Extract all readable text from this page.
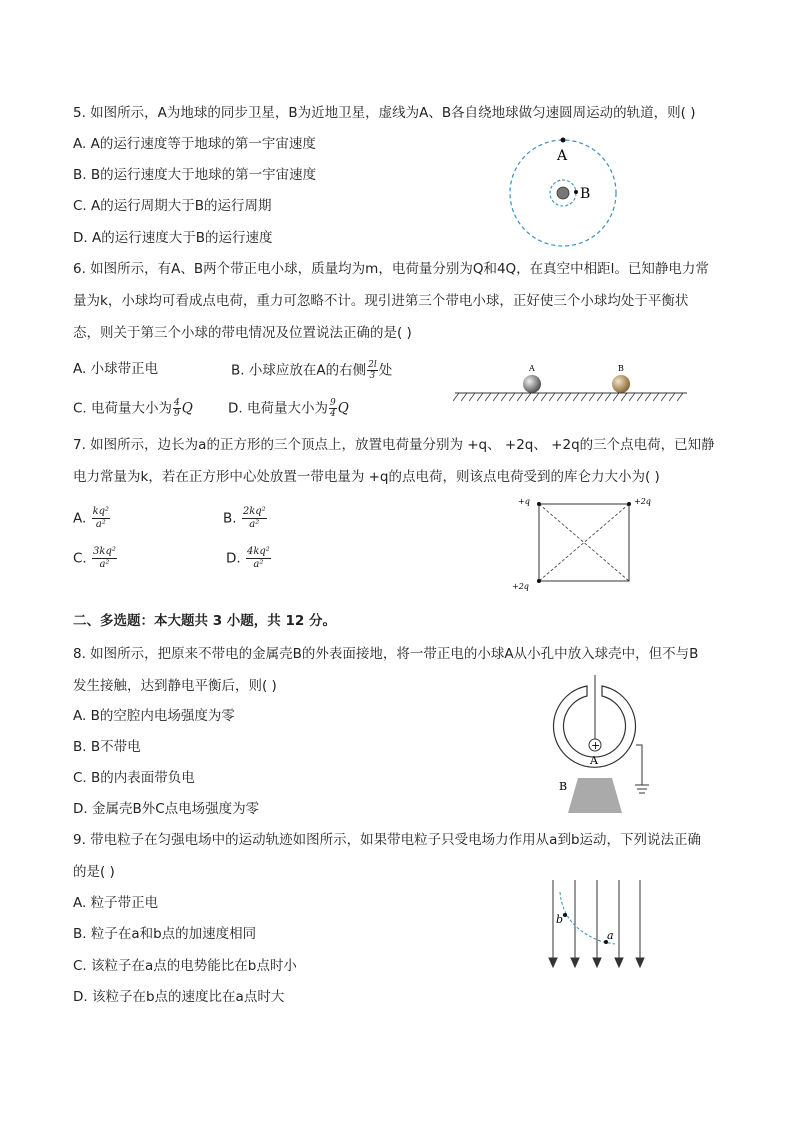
5. 如图所示，A为地球的同步卫星，B为近地卫星，虚线为A、B各自绕地球做匀速圆周运动的轨道，则( )
A. A的运行速度等于地球的第一宇宙速度
B. B的运行速度大于地球的第一宇宙速度
C. A的运行周期大于B的运行周期
D. A的运行速度大于B的运行速度
A
B
6. 如图所示，有A、B两个带正电小球，质量均为m，电荷量分别为Q和4Q，在真空中相距l。已知静电力常
量为k，小球均可看成点电荷，重力可忽略不计。现引进第三个带电小球，正好使三个小球均处于平衡状
态，则关于第三个小球的带电情况及位置说法正确的是( )
A. 小球带正电	B. 小球应放在A的右侧 $\frac{2l}{3}$ 处
C. 电荷量大小为 $\frac{4}{9}$ Q	D. 电荷量大小为 $\frac{9}{4}$ Q
A	B
7. 如图所示，边长为a的正方形的三个顶点上，放置电荷量分别为 +q、 +2q、 +2q的三个点电荷，已知静
电力常量为k，若在正方形中心处放置一带电量为 +q的点电荷，则该点电荷受到的库仑力大小为( )
A. $\frac{\text{kq²}}{\text{a²}}$	B. $\frac{\text{2kq²}}{\text{a²}}$
C. $\frac{\text{3kq²}}{\text{a²}}$	D. $\frac{\text{4kq²}}{\text{a²}}$
+q	+2q
+2q
二、多选题：本大题共 3 小题，共 12 分。
8. 如图所示，把原来不带电的金属壳B的外表面接地，将一带正电的小球A从小孔中放入球壳中，但不与B
发生接触，达到静电平衡后，则( )
A. B的空腔内电场强度为零
B. B不带电
C. B的内表面带负电
D. 金属壳B外C点电场强度为零
+
A
B
9. 带电粒子在匀强电场中的运动轨迹如图所示，如果带电粒子只受电场力作用从a到b运动，下列说法正确
的是( )
A. 粒子带正电
B. 粒子在a和b点的加速度相同
C. 该粒子在a点的电势能比在b点时小
D. 该粒子在b点的速度比在a点时大
b
a
